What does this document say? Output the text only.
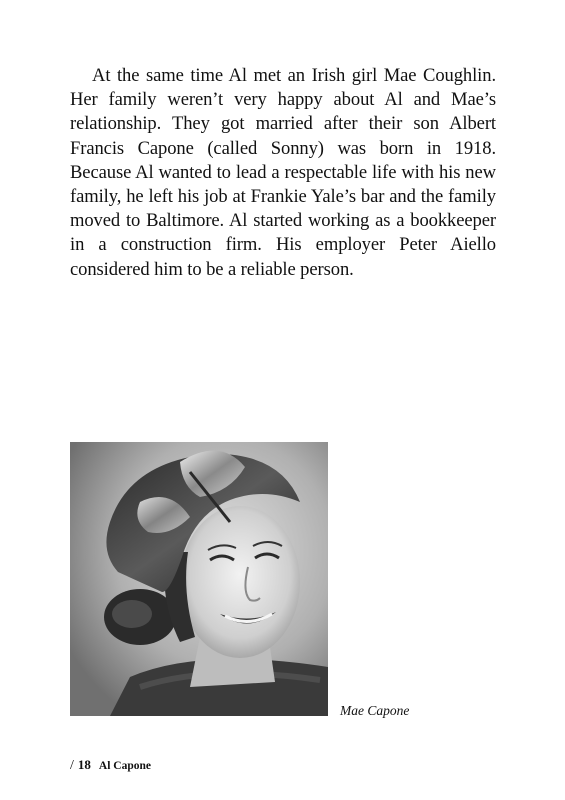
At the same time Al met an Irish girl Mae Coughlin. Her family weren’t very happy about Al and Mae’s relationship. They got married after their son Albert Francis Capone (called Sonny) was born in 1918. Because Al wanted to lead a respectable life with his new family, he left his job at Frankie Yale’s bar and the family moved to Baltimore. Al started working as a bookkeeper in a construction firm. His employer Peter Aiello considered him to be a reliable person.

Mae Capone

/ 18 Al Capone
